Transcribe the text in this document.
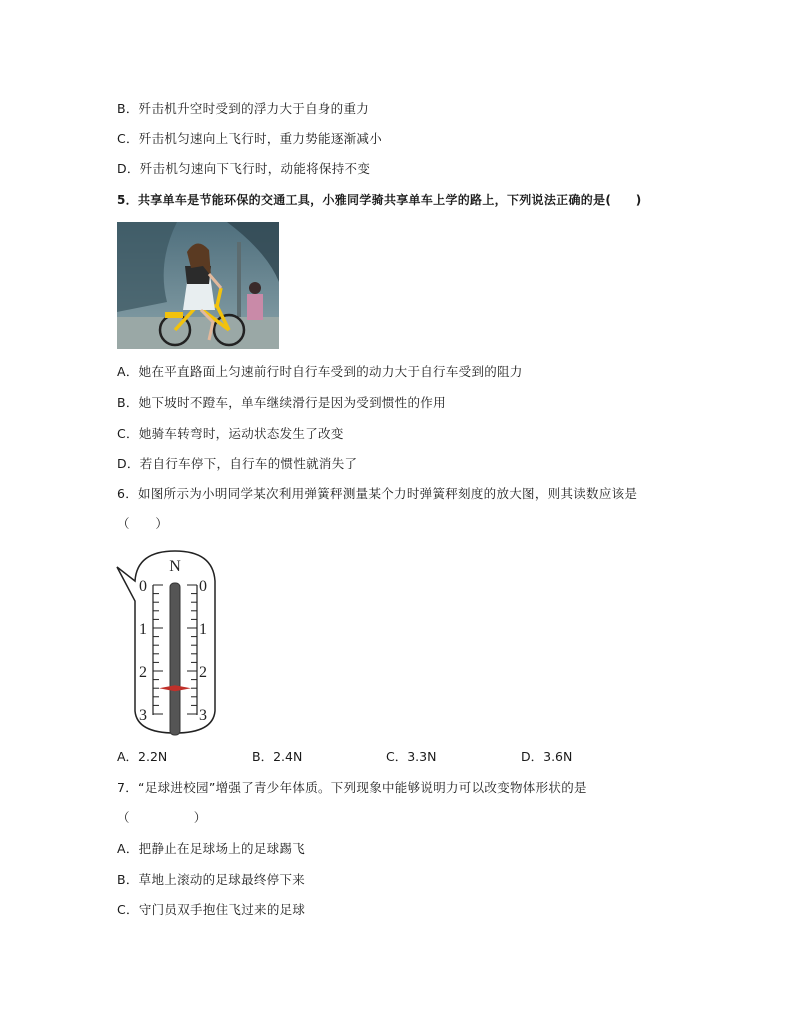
B．歼击机升空时受到的浮力大于自身的重力
C．歼击机匀速向上飞行时，重力势能逐渐减小
D．歼击机匀速向下飞行时，动能将保持不变
5．共享单车是节能环保的交通工具，小雅同学骑共享单车上学的路上，下列说法正确的是(　　)
A．她在平直路面上匀速前行时自行车受到的动力大于自行车受到的阻力
B．她下坡时不蹬车，单车继续滑行是因为受到惯性的作用
C．她骑车转弯时，运动状态发生了改变
D．若自行车停下，自行车的惯性就消失了
6．如图所示为小明同学某次利用弹簧秤测量某个力时弹簧秤刻度的放大图，则其读数应该是
（　　）
N
0
1
2
3
0
1
2
3
A．2.2N	B．2.4N	C．3.3N	D．3.6N
7．“足球进校园”增强了青少年体质。下列现象中能够说明力可以改变物体形状的是
（　　　　　）
A．把静止在足球场上的足球踢飞
B．草地上滚动的足球最终停下来
C．守门员双手抱住飞过来的足球
